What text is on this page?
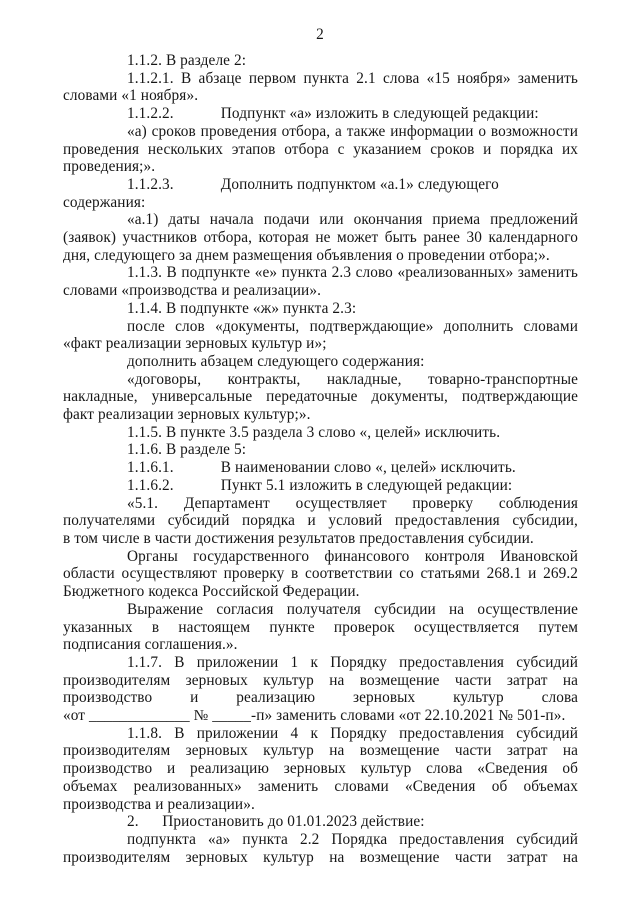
2
1.1.2. В разделе 2:
1.1.2.1. В абзаце первом пункта 2.1 слова «15 ноября» заменить
словами «1 ноября».
1.1.2.2.            Подпункт «а» изложить в следующей редакции:
«а) сроков проведения отбора, а также информации о возможности
проведения нескольких этапов отбора с указанием сроков и порядка их
проведения;».
1.1.2.3.            Дополнить подпунктом «а.1» следующего содержания:
«а.1) даты начала подачи или окончания приема предложений
(заявок) участников отбора, которая не может быть ранее 30 календарного
дня, следующего за днем размещения объявления о проведении отбора;».
1.1.3. В подпункте «е» пункта 2.3 слово «реализованных» заменить
словами «производства и реализации».
1.1.4. В подпункте «ж» пункта 2.3:
после слов «документы, подтверждающие» дополнить словами
«факт реализации зерновых культур и»;
дополнить абзацем следующего содержания:
«договоры, контракты, накладные, товарно-транспортные
накладные, универсальные передаточные документы, подтверждающие
факт реализации зерновых культур;».
1.1.5. В пункте 3.5 раздела 3 слово «, целей» исключить.
1.1.6. В разделе 5:
1.1.6.1.            В наименовании слово «, целей» исключить.
1.1.6.2.            Пункт 5.1 изложить в следующей редакции:
«5.1. Департамент осуществляет проверку соблюдения
получателями субсидий порядка и условий предоставления субсидии,
в том числе в части достижения результатов предоставления субсидии.
Органы государственного финансового контроля Ивановской
области осуществляют проверку в соответствии со статьями 268.1 и 269.2
Бюджетного кодекса Российской Федерации.
Выражение согласия получателя субсидии на осуществление
указанных в настоящем пункте проверок осуществляется путем
подписания соглашения.».
1.1.7. В приложении 1 к Порядку предоставления субсидий
производителям зерновых культур на возмещение части затрат на
производство и реализацию зерновых культур слова
«от _____________ № _____-п» заменить словами «от 22.10.2021 № 501-п».
1.1.8. В приложении 4 к Порядку предоставления субсидий
производителям зерновых культур на возмещение части затрат на
производство и реализацию зерновых культур слова «Сведения об
объемах реализованных» заменить словами «Сведения об объемах
производства и реализации».
2.      Приостановить до 01.01.2023 действие:
подпункта «а» пункта 2.2 Порядка предоставления субсидий
производителям зерновых культур на возмещение части затрат на
